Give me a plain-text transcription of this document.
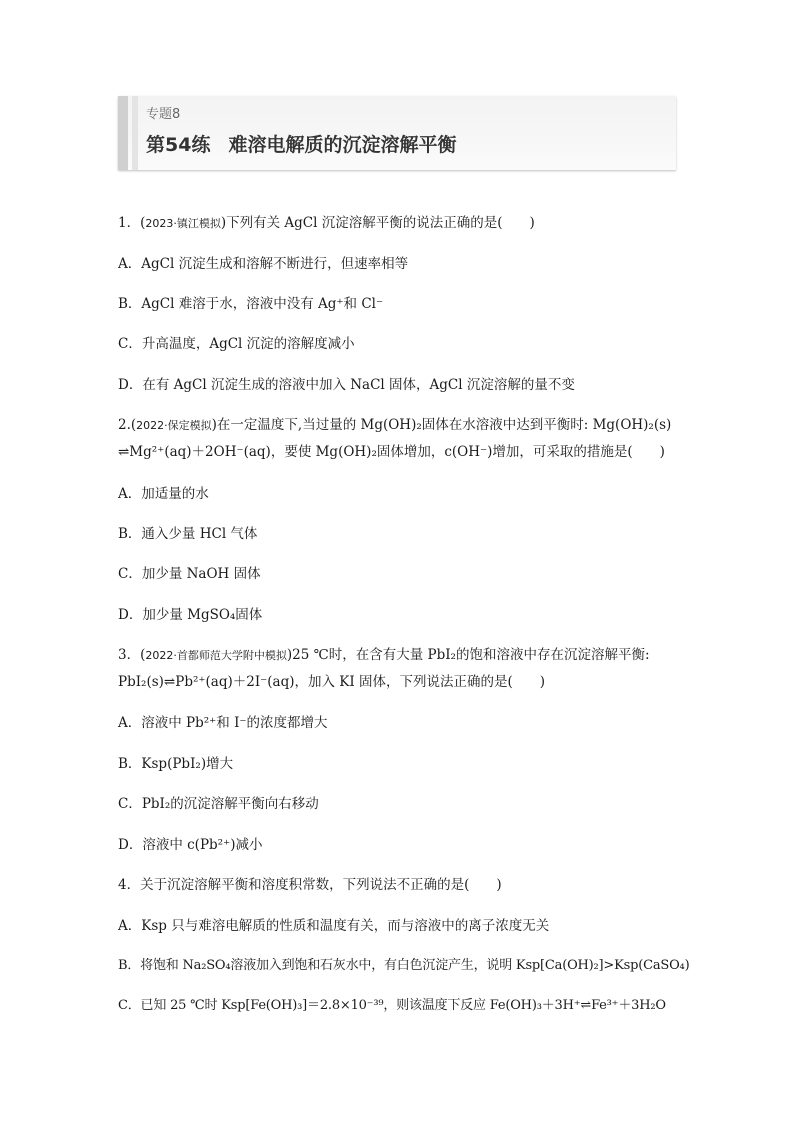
专题8
第54练 难溶电解质的沉淀溶解平衡
1．(2023·镇江模拟)下列有关 AgCl 沉淀溶解平衡的说法正确的是(　　)
A．AgCl 沉淀生成和溶解不断进行，但速率相等
B．AgCl 难溶于水，溶液中没有 Ag⁺和 Cl⁻
C．升高温度，AgCl 沉淀的溶解度减小
D．在有 AgCl 沉淀生成的溶液中加入 NaCl 固体，AgCl 沉淀溶解的量不变
2.(2022·保定模拟)在一定温度下,当过量的 Mg(OH)₂固体在水溶液中达到平衡时: Mg(OH)₂(s)
⇌Mg²⁺(aq)＋2OH⁻(aq)，要使 Mg(OH)₂固体增加，c(OH⁻)增加，可采取的措施是(　　)
A．加适量的水
B．通入少量 HCl 气体
C．加少量 NaOH 固体
D．加少量 MgSO₄固体
3．(2022·首都师范大学附中模拟)25 ℃时，在含有大量 PbI₂的饱和溶液中存在沉淀溶解平衡:
PbI₂(s)⇌Pb²⁺(aq)＋2I⁻(aq)，加入 KI 固体，下列说法正确的是(　　)
A．溶液中 Pb²⁺和 I⁻的浓度都增大
B．Ksp(PbI₂)增大
C．PbI₂的沉淀溶解平衡向右移动
D．溶液中 c(Pb²⁺)减小
4．关于沉淀溶解平衡和溶度积常数，下列说法不正确的是(　　)
A．Ksp 只与难溶电解质的性质和温度有关，而与溶液中的离子浓度无关
B．将饱和 Na₂SO₄溶液加入到饱和石灰水中，有白色沉淀产生，说明 Ksp[Ca(OH)₂]>Ksp(CaSO₄)
C．已知 25 ℃时 Ksp[Fe(OH)₃]＝2.8×10⁻³⁹，则该温度下反应 Fe(OH)₃＋3H⁺⇌Fe³⁺＋3H₂O
